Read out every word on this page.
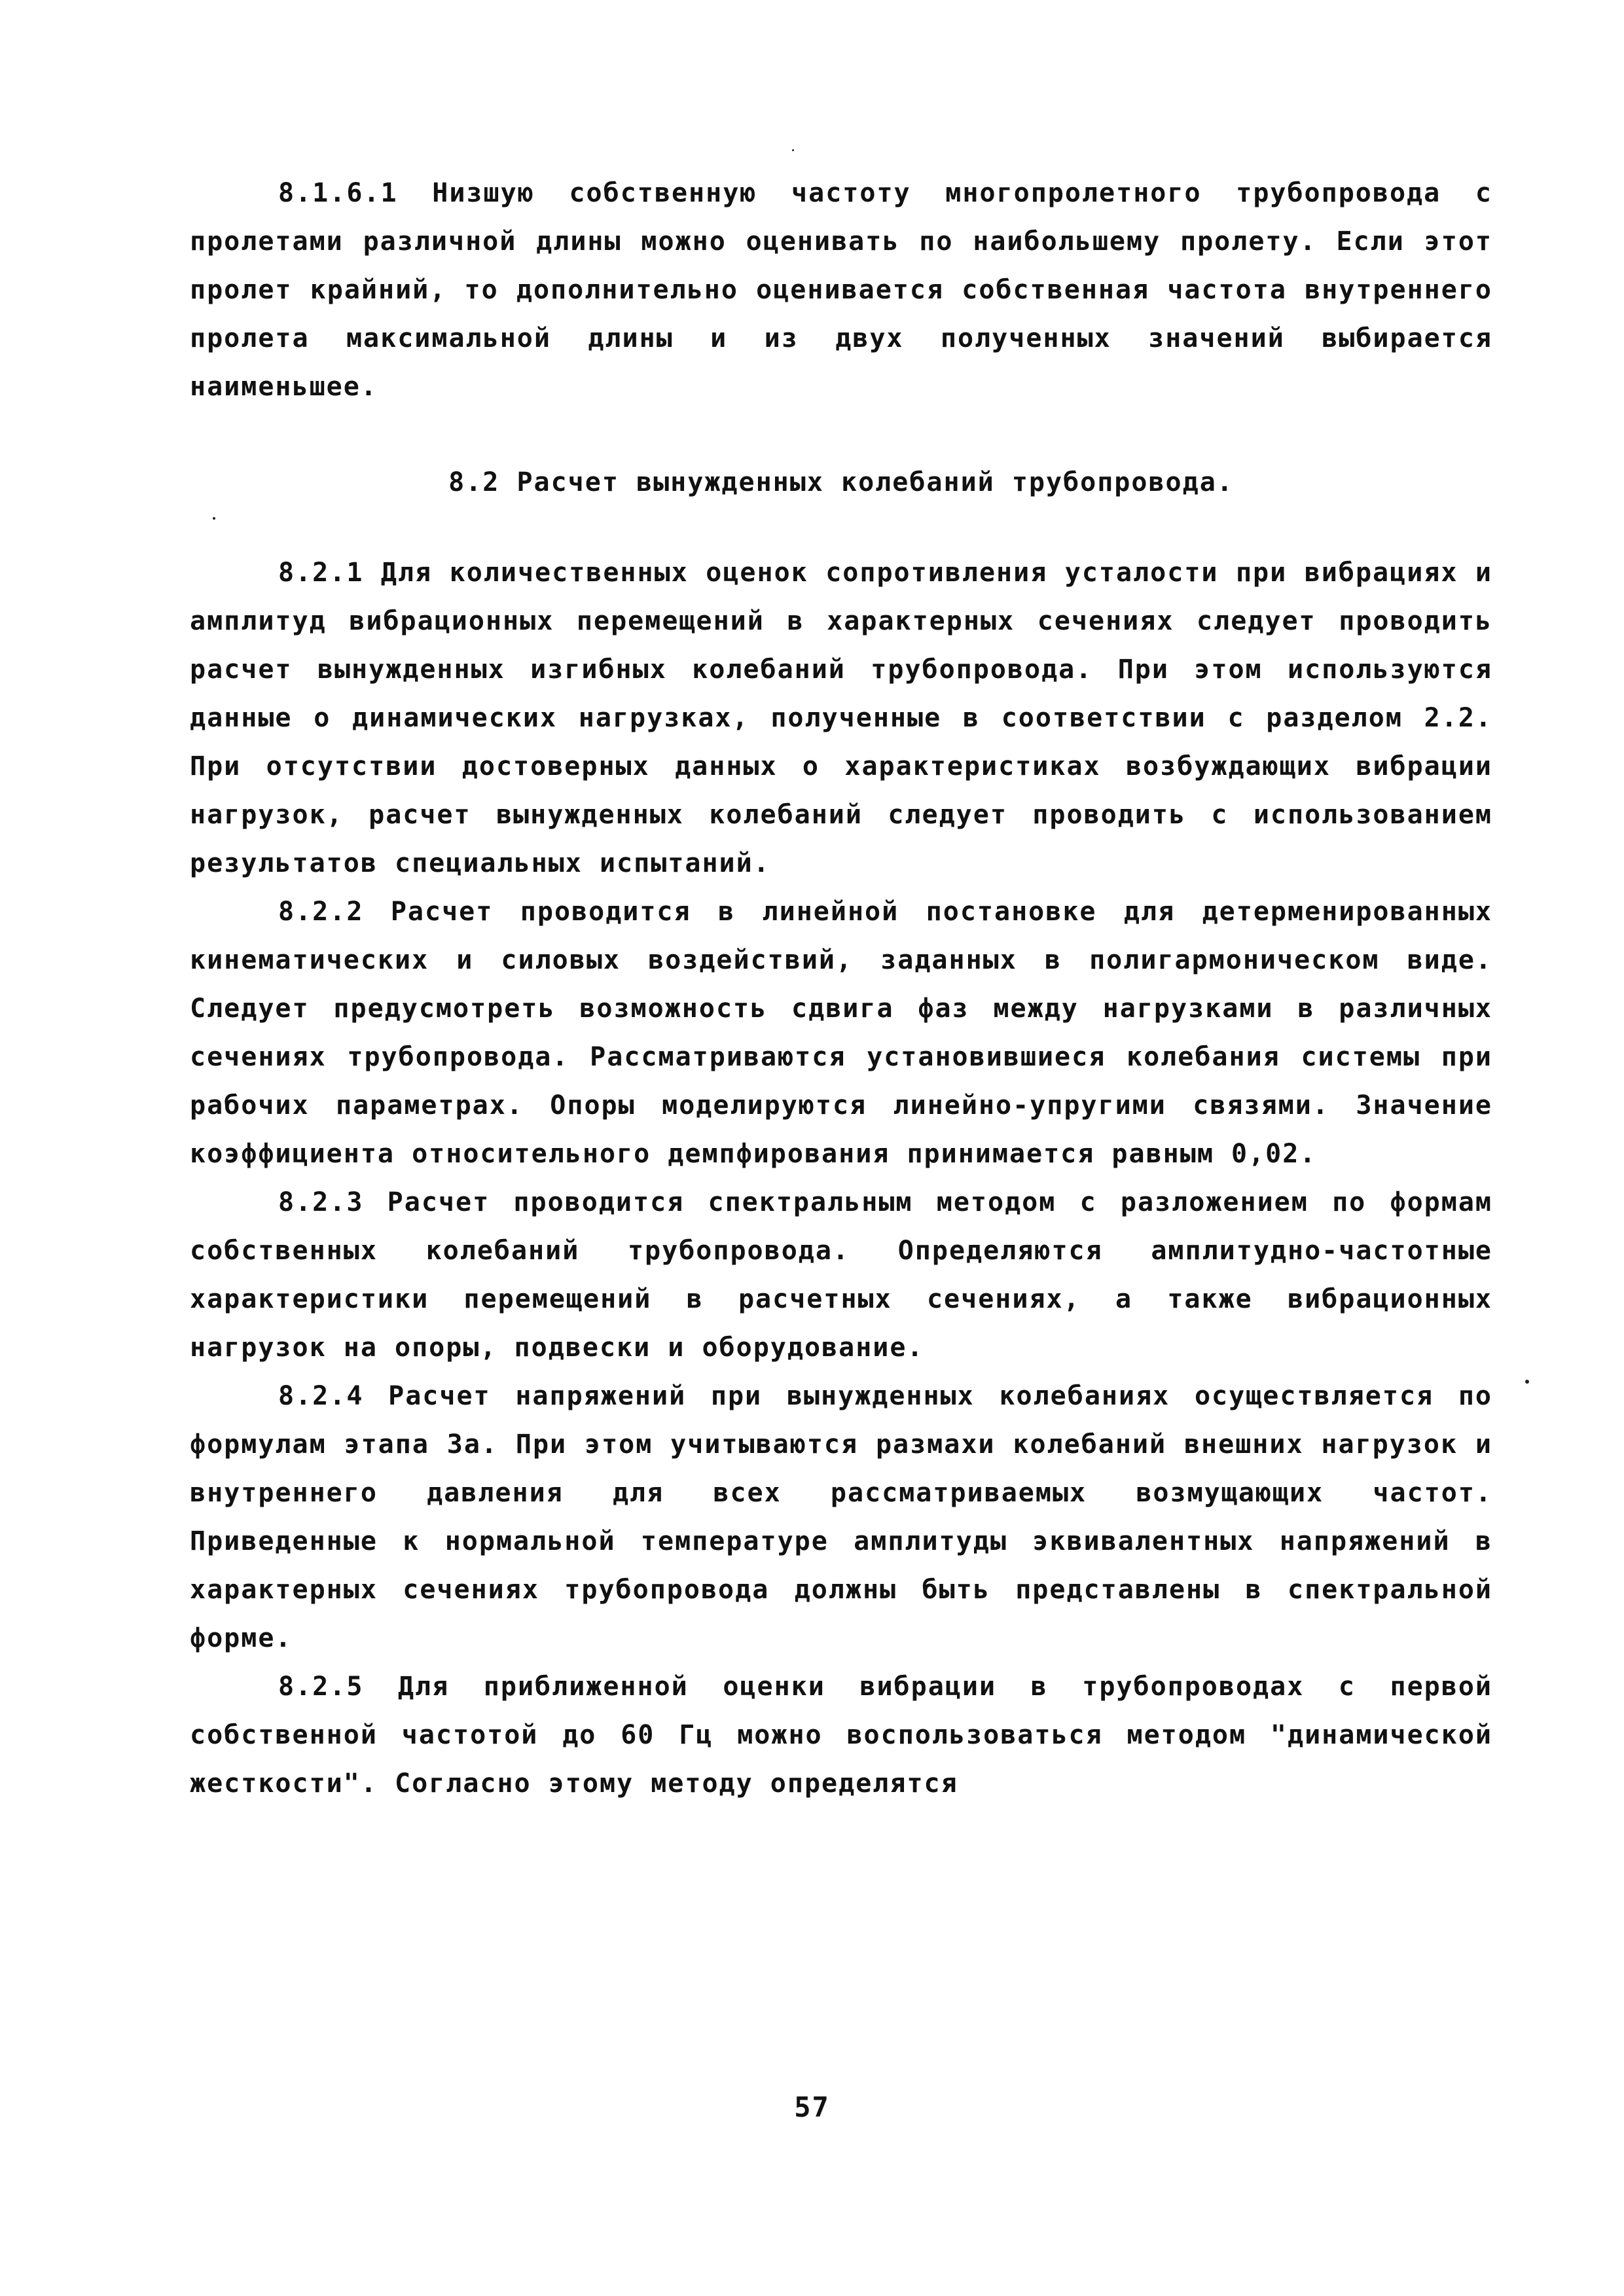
8.1.6.1 Низшую собственную частоту многопролетного трубопровода с пролетами различной длины можно оценивать по наибольшему пролету. Если этот пролет крайний, то дополнительно оценивается собственная частота внутреннего пролета максимальной длины и из двух полученных значений выбирается наименьшее.

8.2 Расчет вынужденных колебаний трубопровода.

8.2.1 Для количественных оценок сопротивления усталости при вибрациях и амплитуд вибрационных перемещений в характерных сечениях следует проводить расчет вынужденных изгибных колебаний трубопровода. При этом используются данные о динамических нагрузках, полученные в соответствии с разделом 2.2. При отсутствии достоверных данных о характеристиках возбуждающих вибрации нагрузок, расчет вынужденных колебаний следует проводить с использованием результатов специальных испытаний.

8.2.2 Расчет проводится в линейной постановке для детерменированных кинематических и силовых воздействий, заданных в полигармоническом виде. Следует предусмотреть возможность сдвига фаз между нагрузками в различных сечениях трубопровода. Рассматриваются установившиеся колебания системы при рабочих параметрах. Опоры моделируются линейно-упругими связями. Значение коэффициента относительного демпфирования принимается равным 0,02.

8.2.3 Расчет проводится спектральным методом с разложением по формам собственных колебаний трубопровода. Определяются амплитудно-частотные характеристики перемещений в расчетных сечениях, а также вибрационных нагрузок на опоры, подвески и оборудование.

8.2.4 Расчет напряжений при вынужденных колебаниях осуществляется по формулам этапа 3а. При этом учитываются размахи колебаний внешних нагрузок и внутреннего давления для всех рассматриваемых возмущающих частот. Приведенные к нормальной температуре амплитуды эквивалентных напряжений в характерных сечениях трубопровода должны быть представлены в спектральной форме.

8.2.5 Для приближенной оценки вибрации в трубопроводах с первой собственной частотой до 60 Гц можно воспользоваться методом "динамической жесткости". Согласно этому методу определятся

57
